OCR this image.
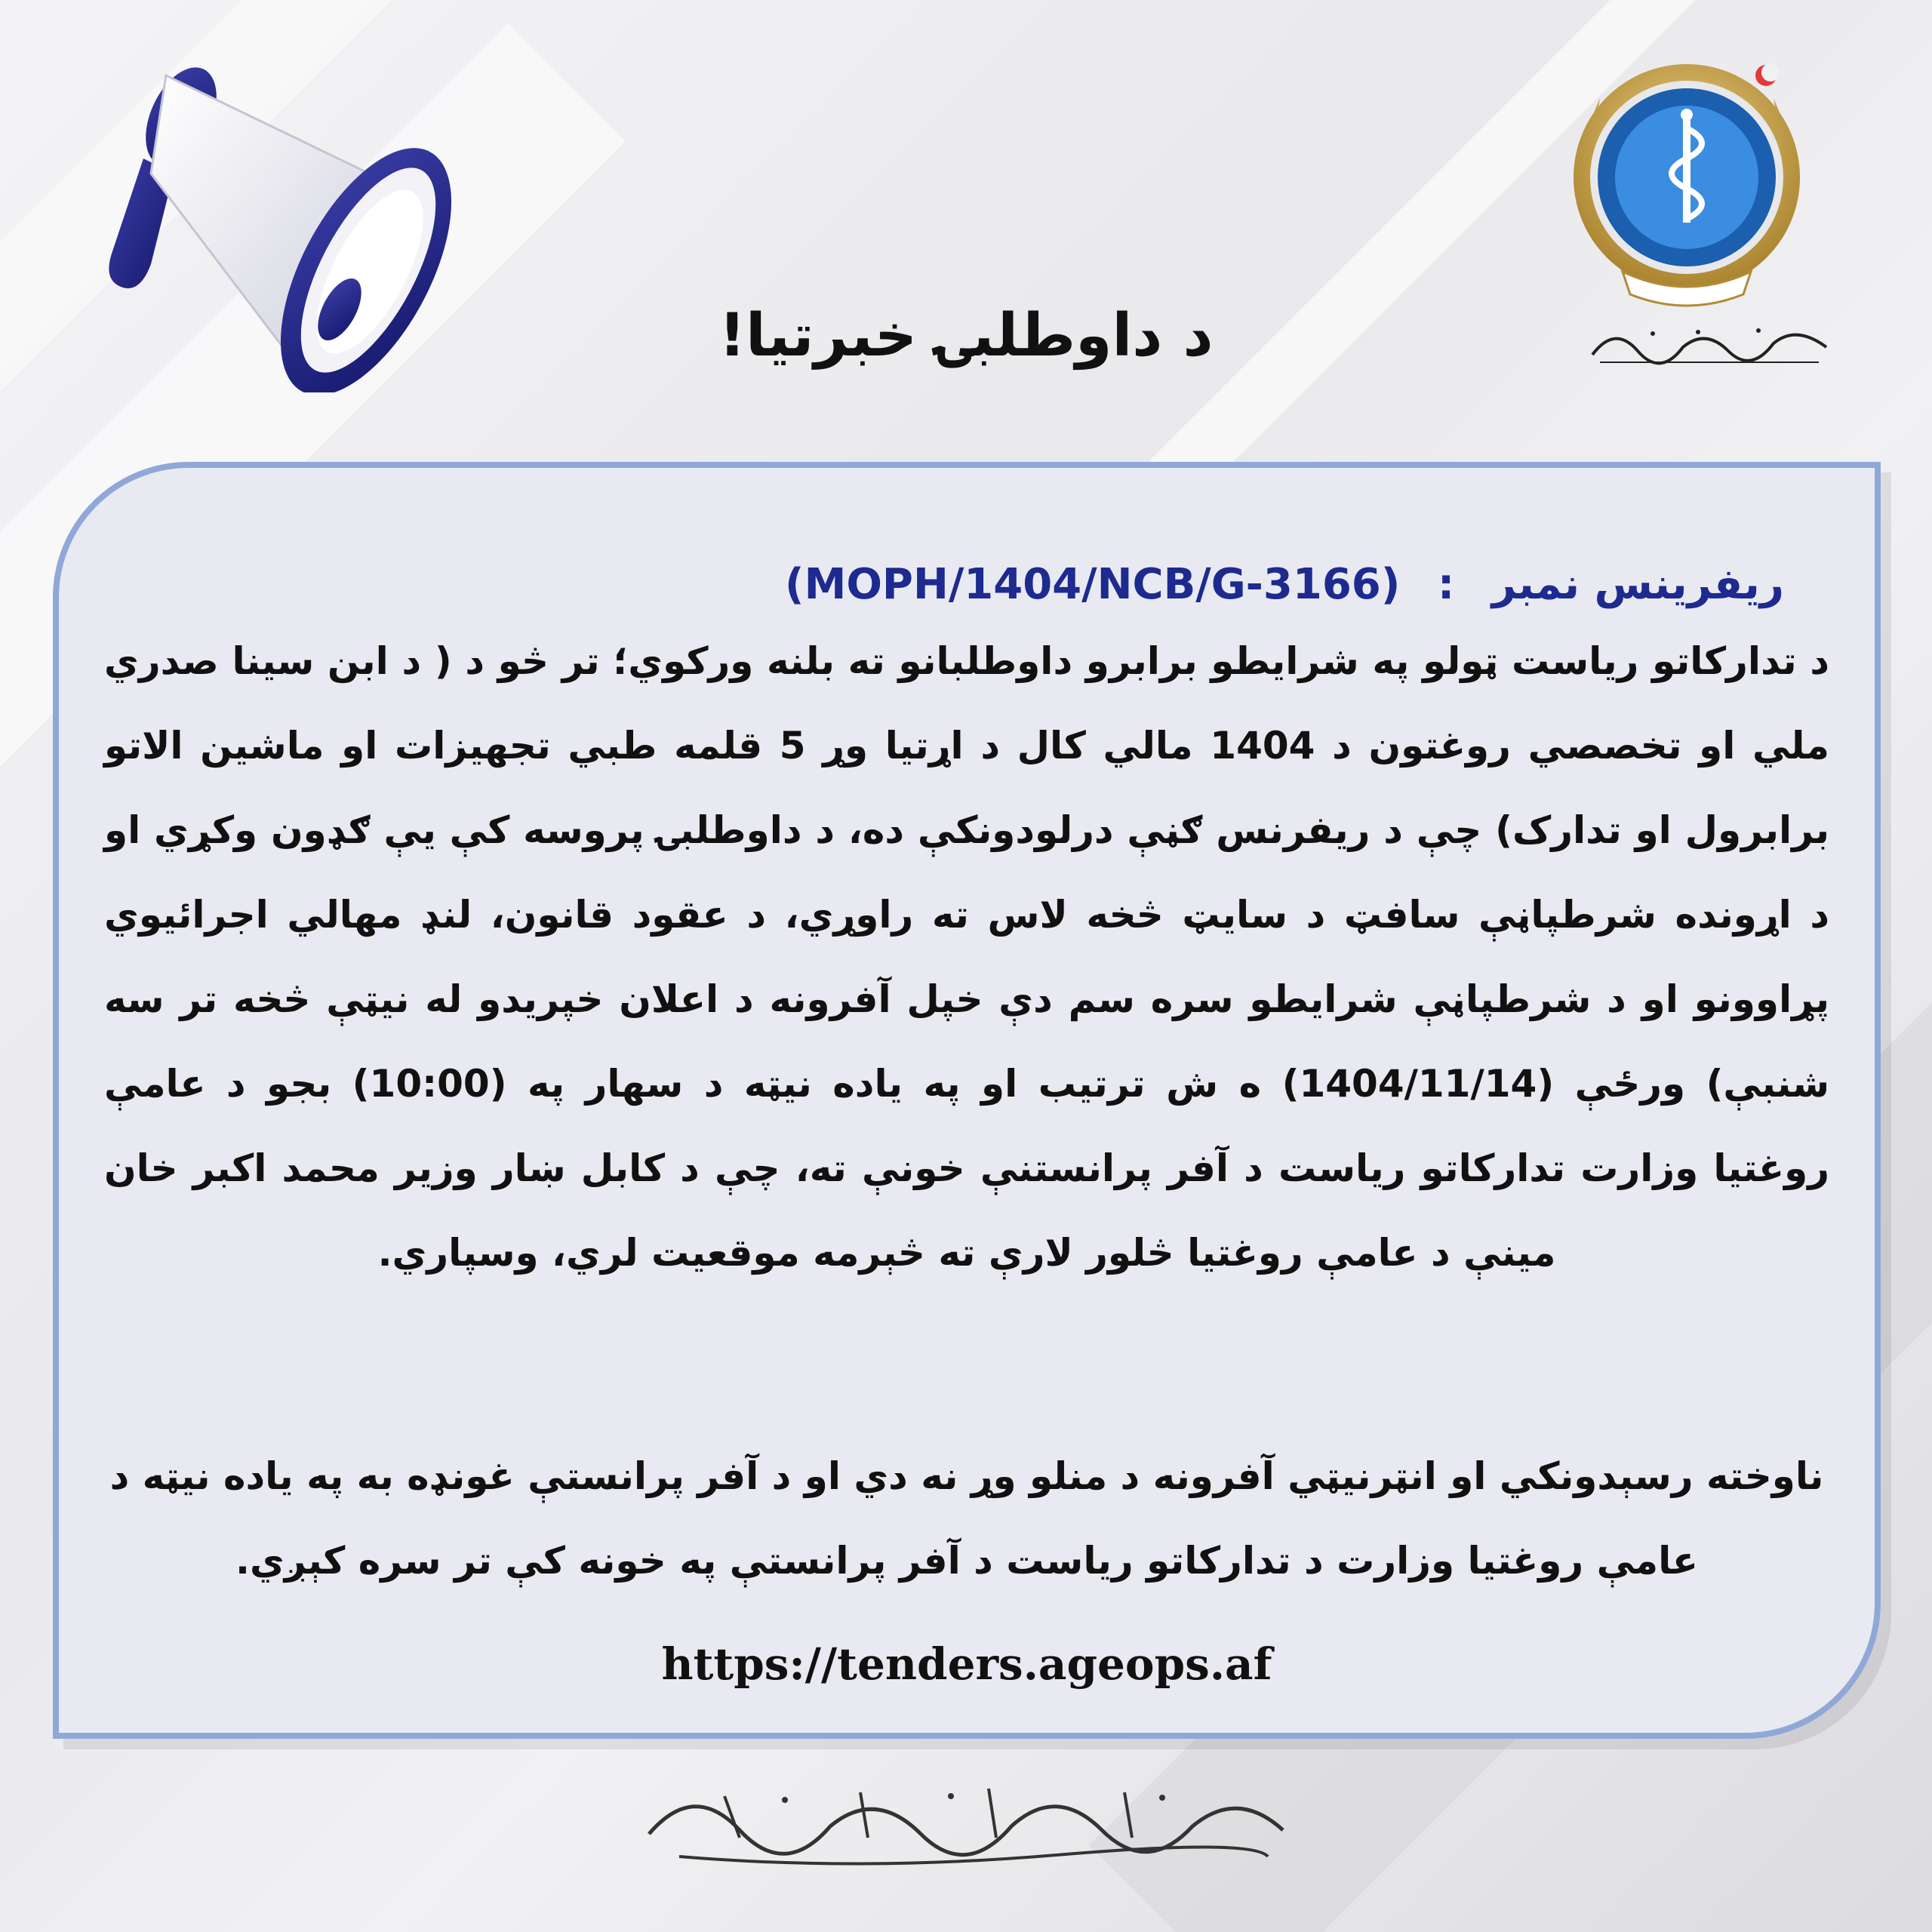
د داوطلبۍ خبرتیا!
ریفرینس نمبر : (MOPH/1404/NCB/G-3166)

د تدارکاتو ریاست ټولو په شرایطو برابرو داوطلبانو ته بلنه ورکوي؛ تر څو د ( د ابن سینا صدري ملي او تخصصي روغتون د 1404 مالي کال د اړتیا وړ 5 قلمه طبي تجهیزات او ماشین الاتو برابرول او تدارک) چې د ریفرنس ګڼې درلودونکې ده، د داوطلبۍ پروسه کې یې ګډون وکړي او د اړونده شرطپاڼې سافټ د سایټ څخه لاس ته راوړي، د عقود قانون، لنډ مهالي اجرائیوي پړاوونو او د شرطپاڼې شرایطو سره سم دې خپل آفرونه د اعلان خپریدو له نیټې څخه تر سه شنبې) ورځې (1404/11/14) ه ش ترتیب او په یاده نیټه د سهار په (10:00) بجو د عامې روغتیا وزارت تدارکاتو ریاست د آفر پرانستنې خونې ته، چې د کابل ښار وزیر محمد اکبر خان مینې د عامې روغتیا څلور لارې ته څېرمه موقعیت لري، وسپاري.

ناوخته رسېدونکي او انټرنیټي آفرونه د منلو وړ نه دي او د آفر پرانستې غونډه به په یاده نیټه د عامې روغتیا وزارت د تدارکاتو ریاست د آفر پرانستې په خونه کې تر سره کېږي.

https://tenders.ageops.af
